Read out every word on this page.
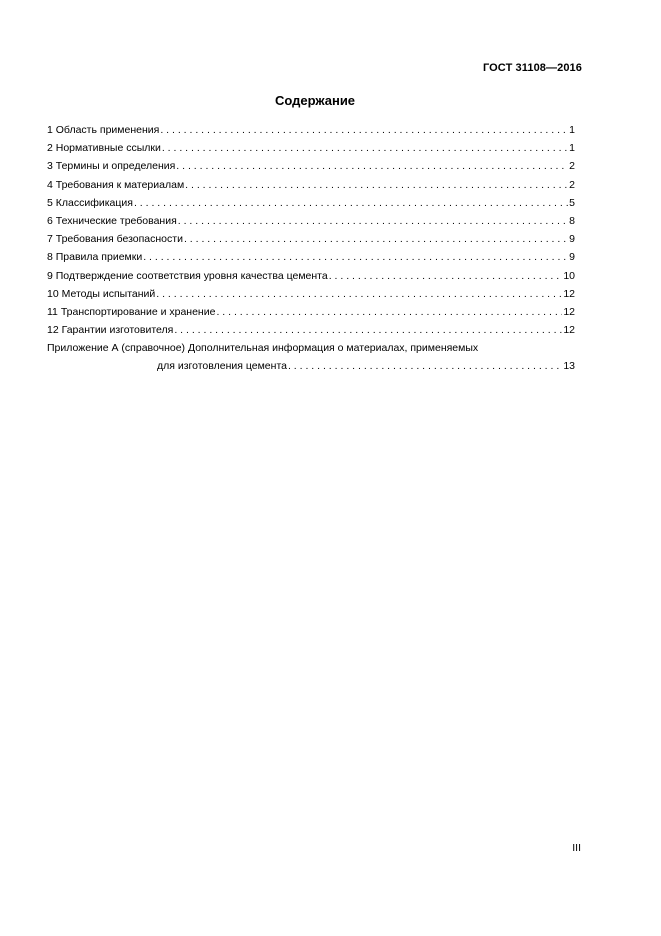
ГОСТ 31108—2016
Содержание
1 Область применения . . .	1
2 Нормативные ссылки . . .	1
3 Термины и определения . . .	2
4 Требования к материалам . . .	2
5 Классификация . . .	5
6 Технические требования . . .	8
7 Требования безопасности . . .	9
8 Правила приемки . . .	9
9 Подтверждение соответствия уровня качества цемента . . .	10
10 Методы испытаний . . .	12
11 Транспортирование и хранение . . .	12
12 Гарантии изготовителя . . .	12
Приложение А (справочное) Дополнительная информация о материалах, применяемых
для изготовления цемента . . .	13
III
